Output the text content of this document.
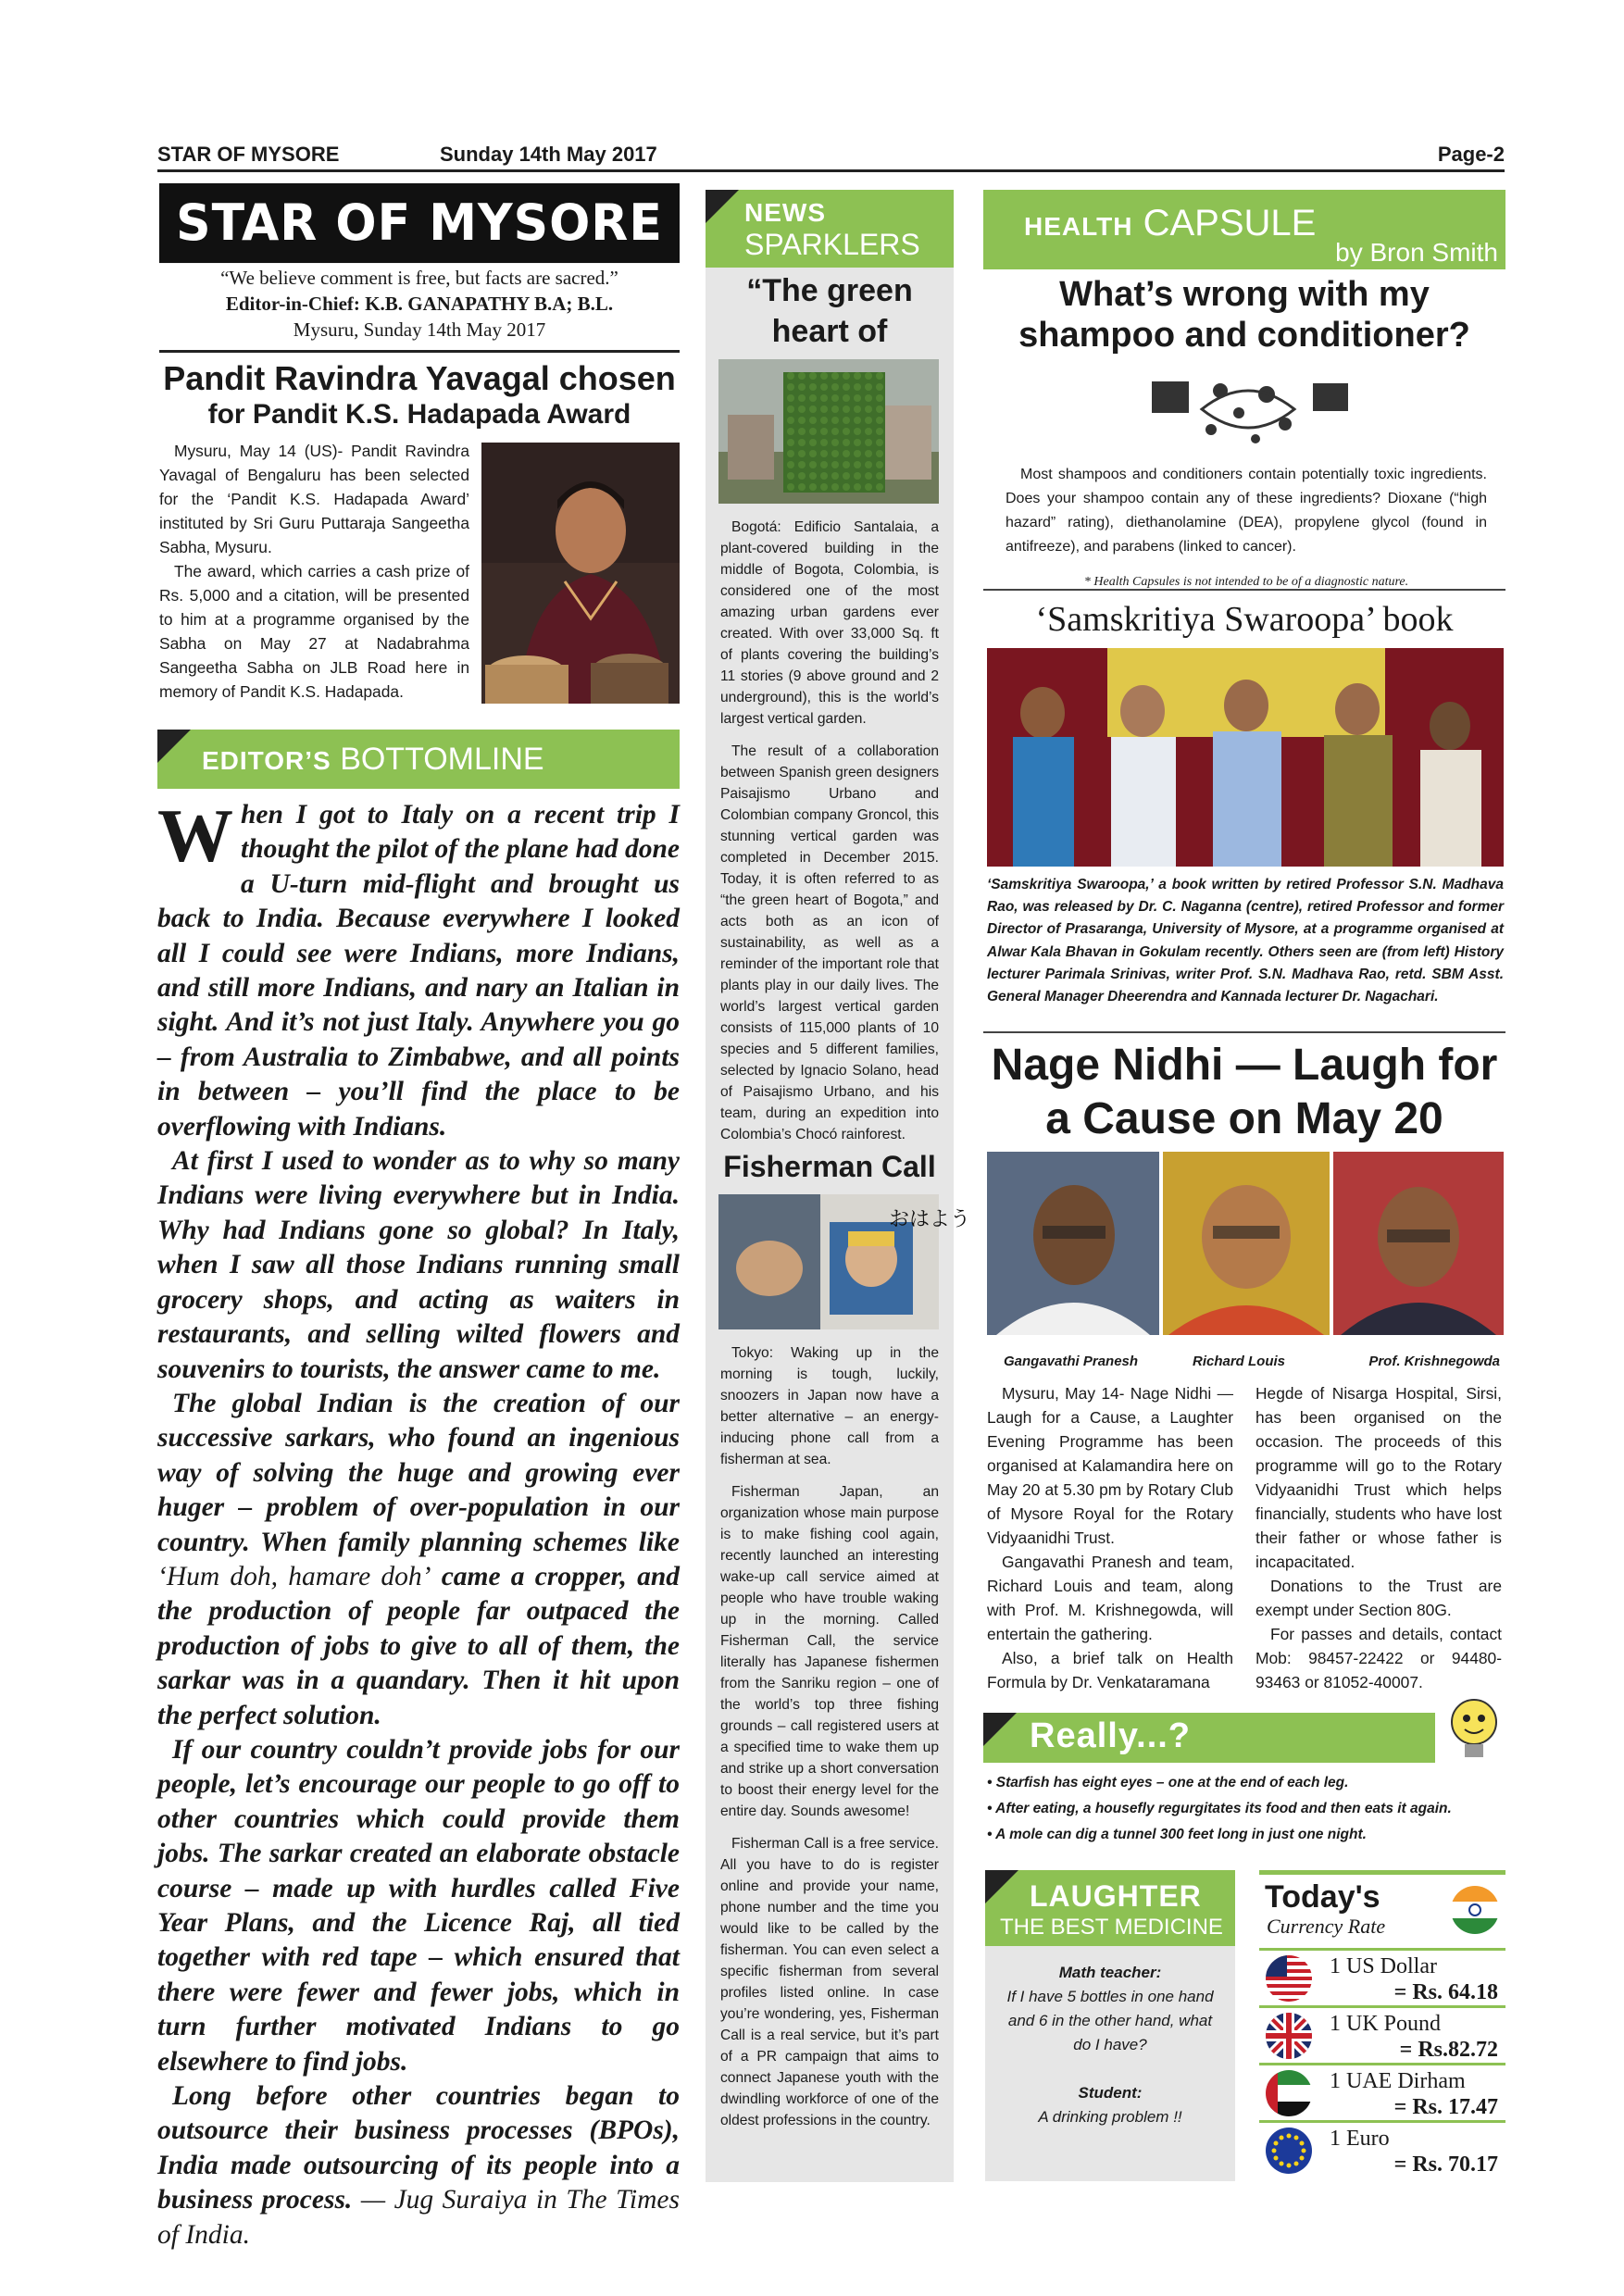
STAR OF MYSORE	Sunday 14th May 2017	Page-2
STAR OF MYSORE
“We believe comment is free, but facts are sacred.”
Editor-in-Chief: K.B. GANAPATHY B.A; B.L.
Mysuru, Sunday 14th May 2017
Pandit Ravindra Yavagal chosen
for Pandit K.S. Hadapada Award

Mysuru, May 14 (US)- Pandit Ravindra Yavagal of Bengaluru has been selected for the ‘Pandit K.S. Hadapada Award’ instituted by Sri Guru Puttaraja Sangeetha Sabha, Mysuru.

The award, which carries a cash prize of Rs. 5,000 and a citation, will be presented to him at a programme organised by the Sabha on May 27 at Nadabrahma Sangeetha Sabha on JLB Road here in memory of Pandit K.S. Hadapada.

EDITOR’S BOTTOMLINE

When I got to Italy on a recent trip I thought the pilot of the plane had done a U-turn mid-flight and brought us back to India. Because everywhere I looked all I could see were Indians, more Indians, and still more Indians, and nary an Italian in sight. And it’s not just Italy. Anywhere you go – from Australia to Zimbabwe, and all points in between – you’ll find the place to be overflowing with Indians.

At first I used to wonder as to why so many Indians were living everywhere but in India. Why had Indians gone so global? In Italy, when I saw all those Indians running small grocery shops, and acting as waiters in restaurants, and selling wilted flowers and souvenirs to tourists, the answer came to me.

The global Indian is the creation of our successive sarkars, who found an ingenious way of solving the huge and growing ever huger – problem of over-population in our country. When family planning schemes like ‘Hum doh, hamare doh’ came a cropper, and the production of people far outpaced the production of jobs to give to all of them, the sarkar was in a quandary. Then it hit upon the perfect solution.

If our country couldn’t provide jobs for our people, let’s encourage our people to go off to other countries which could provide them jobs. The sarkar created an elaborate obstacle course – made up with hurdles called Five Year Plans, and the Licence Raj, all tied together with red tape – which ensured that there were fewer and fewer jobs, which in turn further motivated Indians to go elsewhere to find jobs.

Long before other countries began to outsource their business processes (BPOs), India made outsourcing of its people into a business process. — Jug Suraiya in The Times of India.

NEWS
SPARKLERS
“The green heart of

Bogotá: Edificio Santalaia, a plant-covered building in the middle of Bogota, Colombia, is considered one of the most amazing urban gardens ever created. With over 33,000 Sq. ft of plants covering the building’s 11 stories (9 above ground and 2 underground), this is the world’s largest vertical garden.

The result of a collaboration between Spanish green designers Paisajismo Urbano and Colombian company Groncol, this stunning vertical garden was completed in December 2015. Today, it is often referred to as “the green heart of Bogota,” and acts both as an icon of sustainability, as well as a reminder of the important role that plants play in our daily lives. The world’s largest vertical garden consists of 115,000 plants of 10 species and 5 different families, selected by Ignacio Solano, head of Paisajismo Urbano, and his team, during an expedition into Colombia’s Chocó rainforest.

Fisherman Call
おはよう

Tokyo: Waking up in the morning is tough, luckily, snoozers in Japan now have a better alternative – an energy-inducing phone call from a fisherman at sea.

Fisherman Japan, an organization whose main purpose is to make fishing cool again, recently launched an interesting wake-up call service aimed at people who have trouble waking up in the morning. Called Fisherman Call, the service literally has Japanese fishermen from the Sanriku region – one of the world’s top three fishing grounds – call registered users at a specified time to wake them up and strike up a short conversation to boost their energy level for the entire day. Sounds awesome!

Fisherman Call is a free service. All you have to do is register online and provide your name, phone number and the time you would like to be called by the fisherman. You can even select a specific fisherman from several profiles listed online. In case you’re wondering, yes, Fisherman Call is a real service, but it’s part of a PR campaign that aims to connect Japanese youth with the dwindling workforce of one of the oldest professions in the country.

HEALTH CAPSULE
by Bron Smith
What’s wrong with my
shampoo and conditioner?

Most shampoos and conditioners contain potentially toxic ingredients. Does your shampoo contain any of these ingredients? Dioxane (“high hazard” rating), diethanolamine (DEA), propylene glycol (found in antifreeze), and parabens (linked to cancer).

* Health Capsules is not intended to be of a diagnostic nature.

‘Samskritiya Swaroopa’ book
‘Samskritiya Swaroopa,’ a book written by retired Professor S.N. Madhava Rao, was released by Dr. C. Naganna (centre), retired Professor and former Director of Prasaranga, University of Mysore, at a programme organised at Alwar Kala Bhavan in Gokulam recently. Others seen are (from left) History lecturer Parimala Srinivas, writer Prof. S.N. Madhava Rao, retd. SBM Asst. General Manager Dheerendra and Kannada lecturer Dr. Nagachari.
Nage Nidhi — Laugh for
a Cause on May 20
Gangavathi Pranesh	Richard Louis	Prof. Krishnegowda

Mysuru, May 14- Nage Nidhi — Laugh for a Cause, a Laughter Evening Programme has been organised at Kalamandira here on May 20 at 5.30 pm by Rotary Club of Mysore Royal for the Rotary Vidyaanidhi Trust.

Gangavathi Pranesh and team, Richard Louis and team, along with Prof. M. Krishnegowda, will entertain the gathering.

Also, a brief talk on Health Formula by Dr. Venkataramana

Hegde of Nisarga Hospital, Sirsi, has been organised on the occasion. The proceeds of this programme will go to the Rotary Vidyaanidhi Trust which helps financially, students who have lost their father or whose father is incapacitated.

Donations to the Trust are exempt under Section 80G.

For passes and details, contact Mob: 98457-22422 or 94480-93463 or 81052-40007.

Really...?
• Starfish has eight eyes – one at the end of each leg.
• After eating, a housefly regurgitates its food and then eats it again.
• A mole can dig a tunnel 300 feet long in just one night.
LAUGHTER
THE BEST MEDICINE
Math teacher:
If I have 5 bottles in one hand and 6 in the other hand, what do I have?
Student:
A drinking problem !!
Today's
Currency Rate
1 US Dollar
= Rs. 64.18
1 UK Pound
= Rs.82.72
1 UAE Dirham
= Rs. 17.47
1 Euro
= Rs. 70.17
